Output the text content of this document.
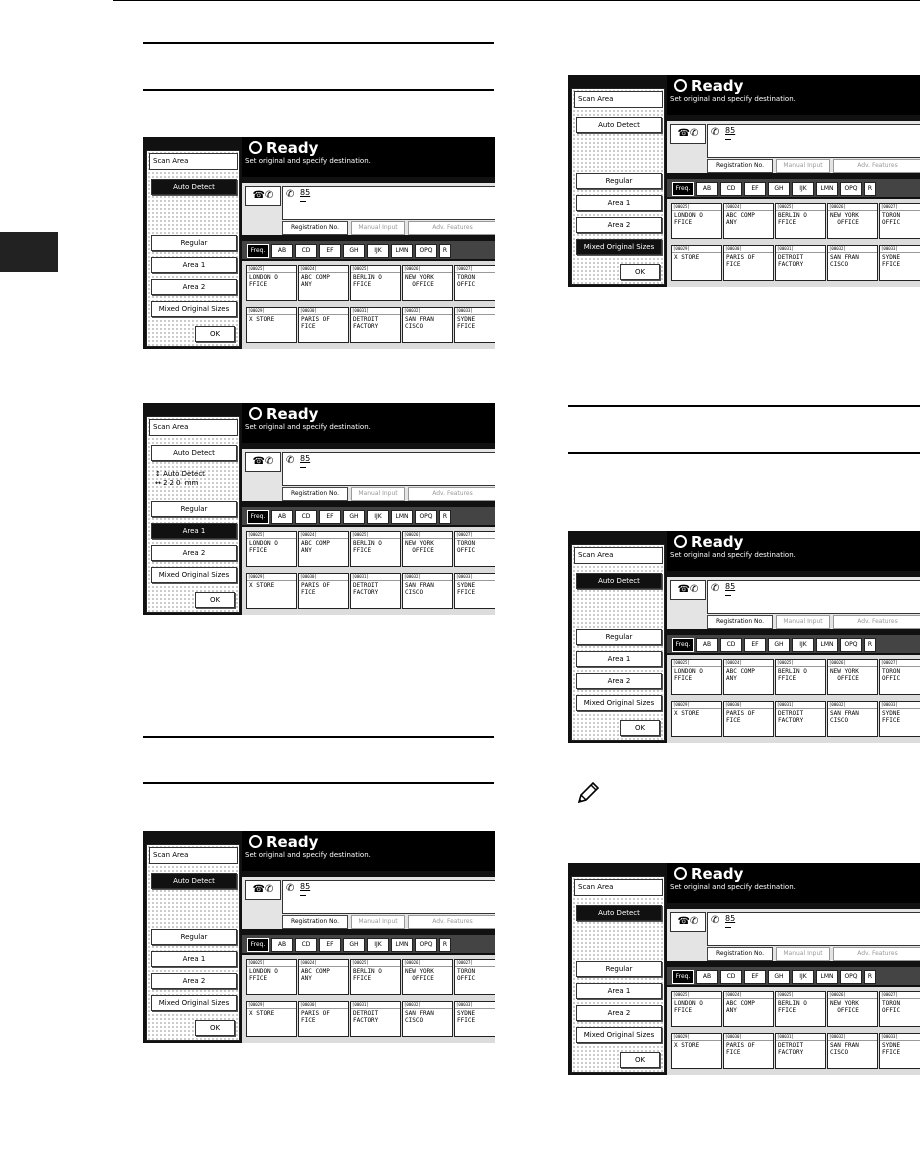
Scan Area
Auto Detect
Regular
Area 1
Area 2
Mixed Original Sizes
OK
Ready
Set original and specify destination.
☎✆	✆ 85
Registration No.	Manual Input	Adv. Features
Freq.	AB	CD	EF	GH	IJK	LMN	OPQ	R
[00025]
LONDON O
FFICE
[00024]
ABC COMP
ANY
[00025]
BERLIN O
FFICE
[00026]
NEW YORK
OFFICE
[00027]
TORON
OFFIC
[00029]
X STORE
[00030]
PARIS OF
FICE
[00031]
DETROIT
FACTORY
[00032]
SAN FRAN
CISCO
[00033]
SYDNE
FFICE
Scan Area
Auto Detect
↕ Auto Detect
↔ 220 mm
Regular
Area 1
Area 2
Mixed Original Sizes
OK
Ready
Set original and specify destination.
☎✆	✆ 85
Registration No.	Manual Input	Adv. Features
Freq.	AB	CD	EF	GH	IJK	LMN	OPQ	R
[00025]
LONDON O
FFICE
[00024]
ABC COMP
ANY
[00025]
BERLIN O
FFICE
[00026]
NEW YORK
OFFICE
[00027]
TORON
OFFIC
[00029]
X STORE
[00030]
PARIS OF
FICE
[00031]
DETROIT
FACTORY
[00032]
SAN FRAN
CISCO
[00033]
SYDNE
FFICE
Scan Area
Auto Detect
Regular
Area 1
Area 2
Mixed Original Sizes
OK
Ready
Set original and specify destination.
☎✆	✆ 85
Registration No.	Manual Input	Adv. Features
Freq.	AB	CD	EF	GH	IJK	LMN	OPQ	R
[00025]
LONDON O
FFICE
[00024]
ABC COMP
ANY
[00025]
BERLIN O
FFICE
[00026]
NEW YORK
OFFICE
[00027]
TORON
OFFIC
[00029]
X STORE
[00030]
PARIS OF
FICE
[00031]
DETROIT
FACTORY
[00032]
SAN FRAN
CISCO
[00033]
SYDNE
FFICE
Scan Area
Auto Detect
Regular
Area 1
Area 2
Mixed Original Sizes
OK
Ready
Set original and specify destination.
☎✆	✆ 85
Registration No.	Manual Input	Adv. Features
Freq.	AB	CD	EF	GH	IJK	LMN	OPQ	R
[00025]
LONDON O
FFICE
[00024]
ABC COMP
ANY
[00025]
BERLIN O
FFICE
[00026]
NEW YORK
OFFICE
[00027]
TORON
OFFIC
[00029]
X STORE
[00030]
PARIS OF
FICE
[00031]
DETROIT
FACTORY
[00032]
SAN FRAN
CISCO
[00033]
SYDNE
FFICE
Scan Area
Auto Detect
Regular
Area 1
Area 2
Mixed Original Sizes
OK
Ready
Set original and specify destination.
☎✆	✆ 85
Registration No.	Manual Input	Adv. Features
Freq.	AB	CD	EF	GH	IJK	LMN	OPQ	R
[00025]
LONDON O
FFICE
[00024]
ABC COMP
ANY
[00025]
BERLIN O
FFICE
[00026]
NEW YORK
OFFICE
[00027]
TORON
OFFIC
[00029]
X STORE
[00030]
PARIS OF
FICE
[00031]
DETROIT
FACTORY
[00032]
SAN FRAN
CISCO
[00033]
SYDNE
FFICE
Scan Area
Auto Detect
Regular
Area 1
Area 2
Mixed Original Sizes
OK
Ready
Set original and specify destination.
☎✆	✆ 85
Registration No.	Manual Input	Adv. Features
Freq.	AB	CD	EF	GH	IJK	LMN	OPQ	R
[00025]
LONDON O
FFICE
[00024]
ABC COMP
ANY
[00025]
BERLIN O
FFICE
[00026]
NEW YORK
OFFICE
[00027]
TORON
OFFIC
[00029]
X STORE
[00030]
PARIS OF
FICE
[00031]
DETROIT
FACTORY
[00032]
SAN FRAN
CISCO
[00033]
SYDNE
FFICE
